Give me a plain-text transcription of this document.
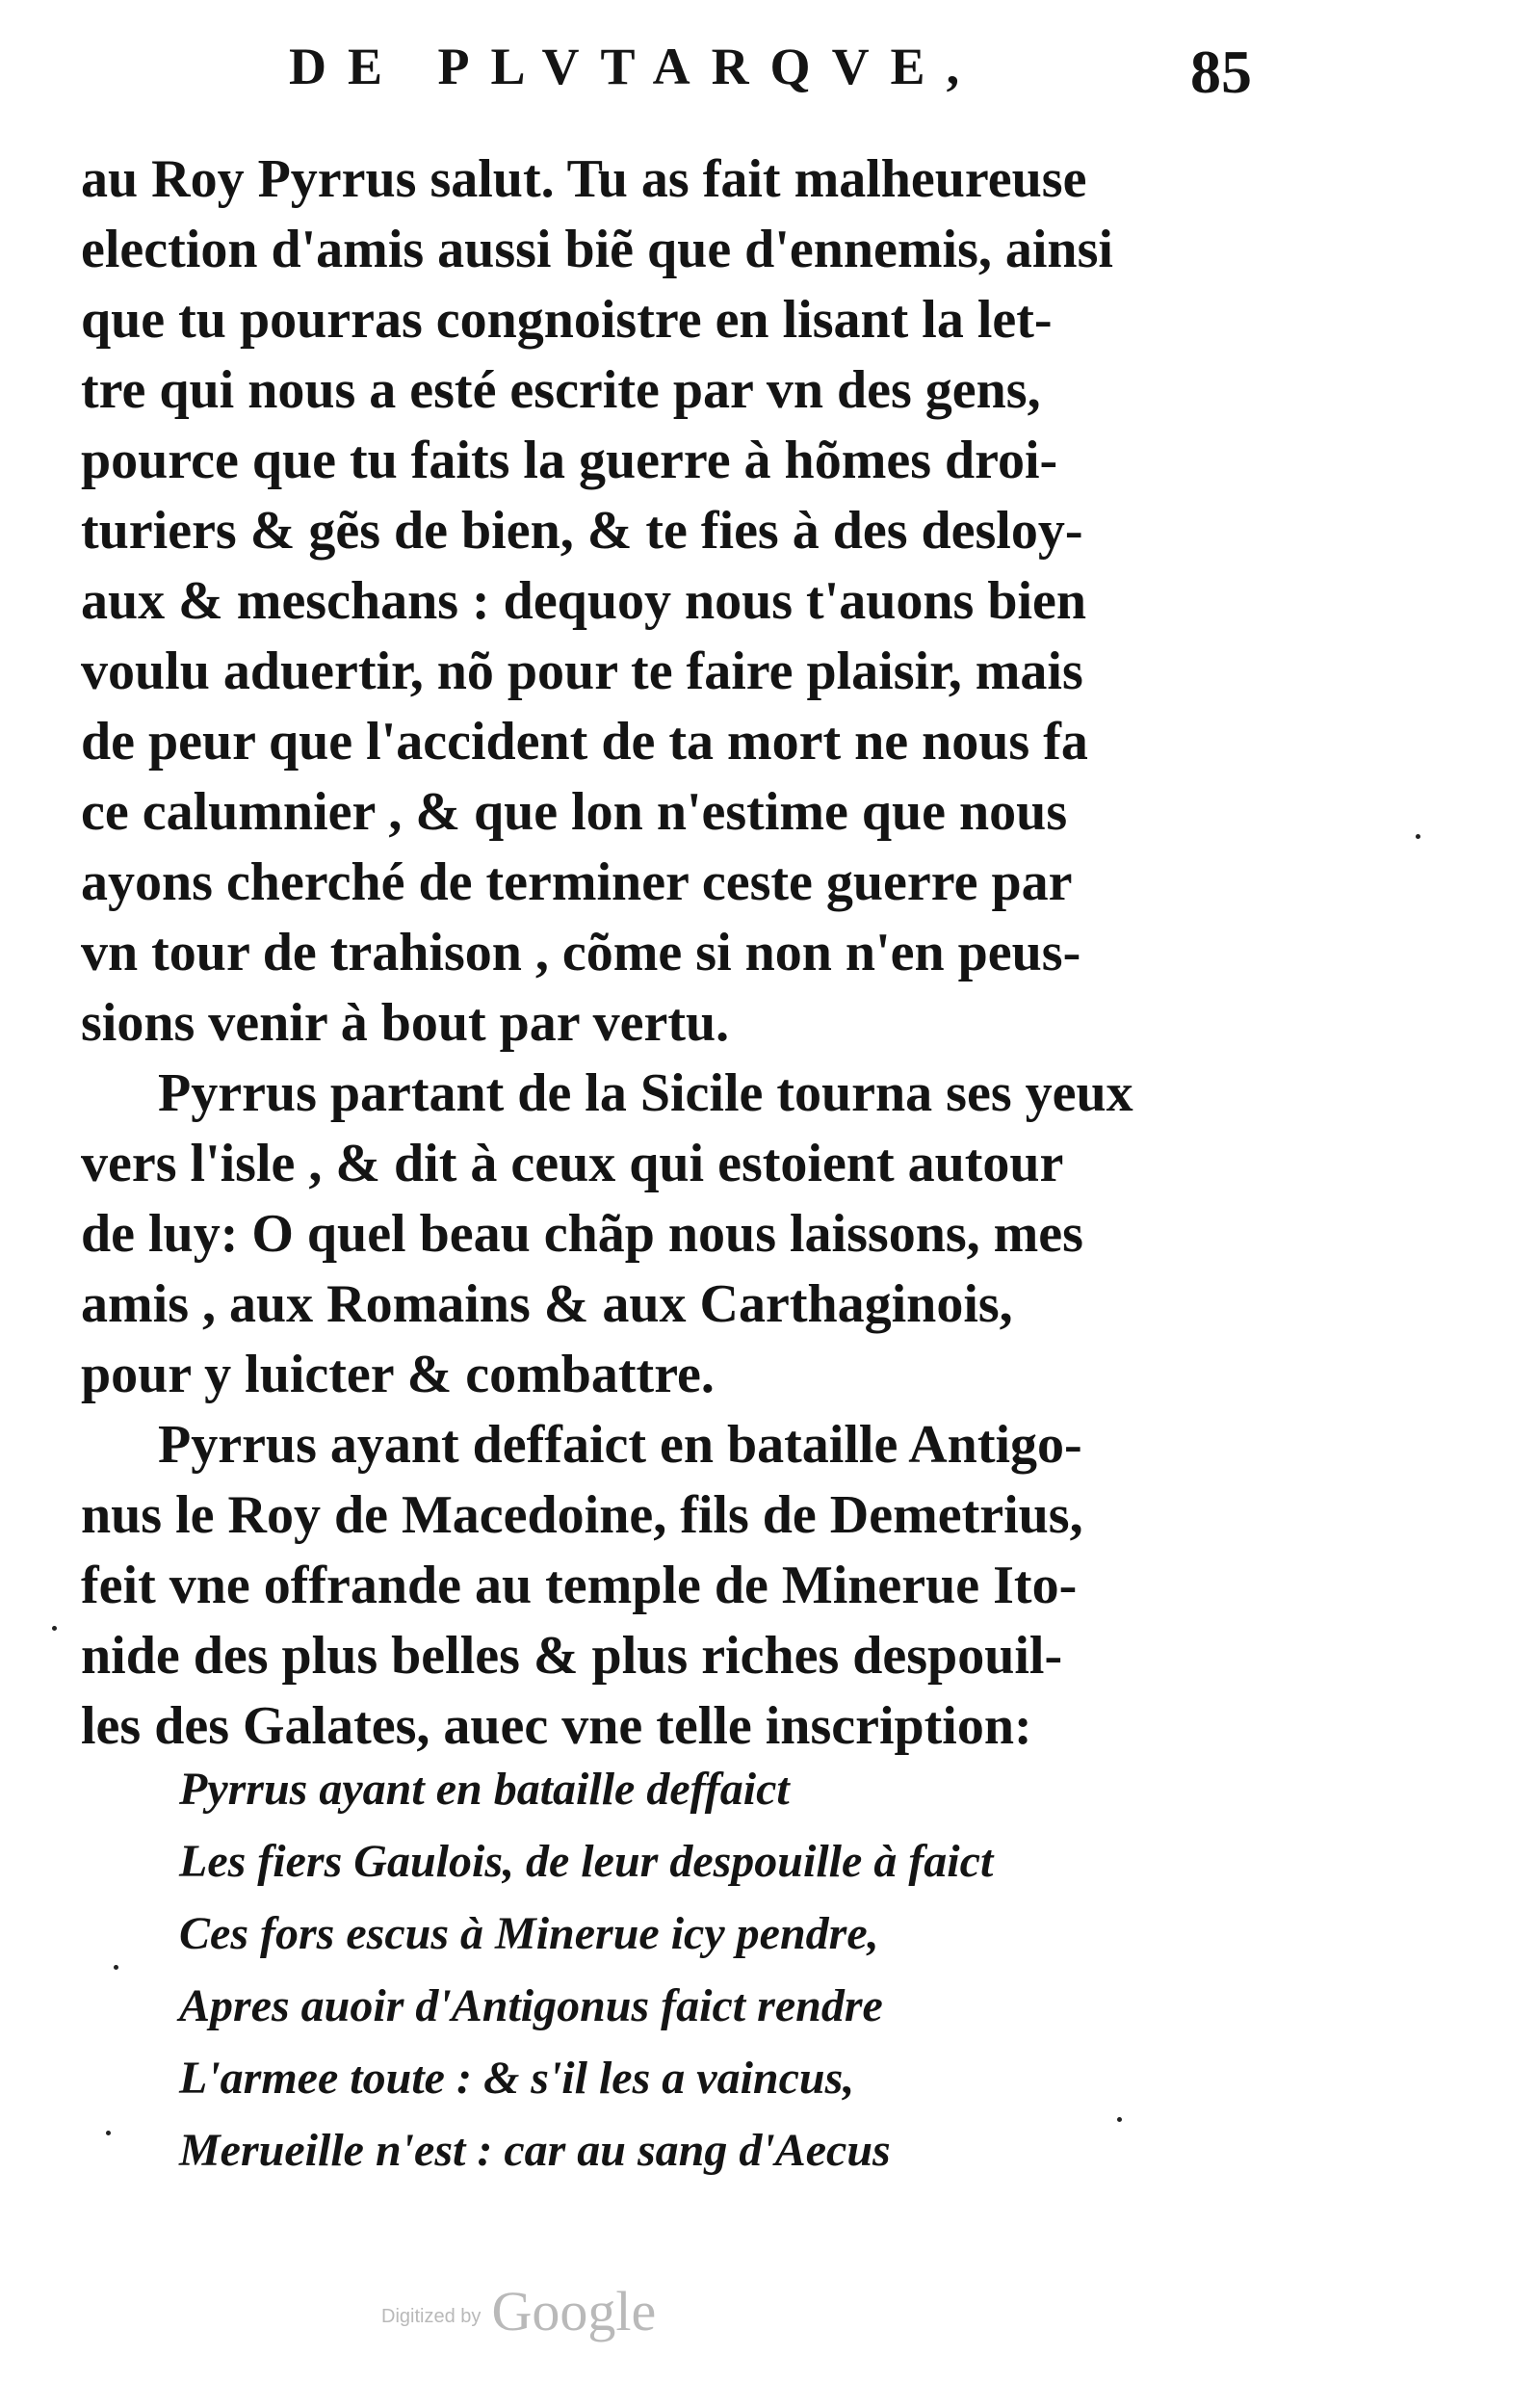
DE PLVTARQVE,	85
au Roy Pyrrus salut. Tu as fait malheureuse
election d'amis aussi biẽ que d'ennemis, ainsi
que tu pourras congnoistre en lisant la let-
tre qui nous a esté escrite par vn des gens,
pource que tu faits la guerre à hõmes droi-
turiers & gẽs de bien, & te fies à des desloy-
aux & meschans : dequoy nous t'auons bien
voulu aduertir, nõ pour te faire plaisir, mais
de peur que l'accident de ta mort ne nous fa
ce calumnier , & que lon n'estime que nous
ayons cherché de terminer ceste guerre par
vn tour de trahison , cõme si non n'en peus-
sions venir à bout par vertu.
Pyrrus partant de la Sicile tourna ses yeux
vers l'isle , & dit à ceux qui estoient autour
de luy: O quel beau chãp nous laissons, mes
amis , aux Romains & aux Carthaginois,
pour y luicter & combattre.
Pyrrus ayant deffaict en bataille Antigo-
nus le Roy de Macedoine, fils de Demetrius,
feit vne offrande au temple de Minerue Ito-
nide des plus belles & plus riches despouil-
les des Galates, auec vne telle inscription:
Pyrrus ayant en bataille deffaict
Les fiers Gaulois, de leur despouille à faict
Ces fors escus à Minerue icy pendre,
Apres auoir d'Antigonus faict rendre
L'armee toute : & s'il les a vaincus,
Merueille n'est : car au sang d'Aecus
Digitized by Google
